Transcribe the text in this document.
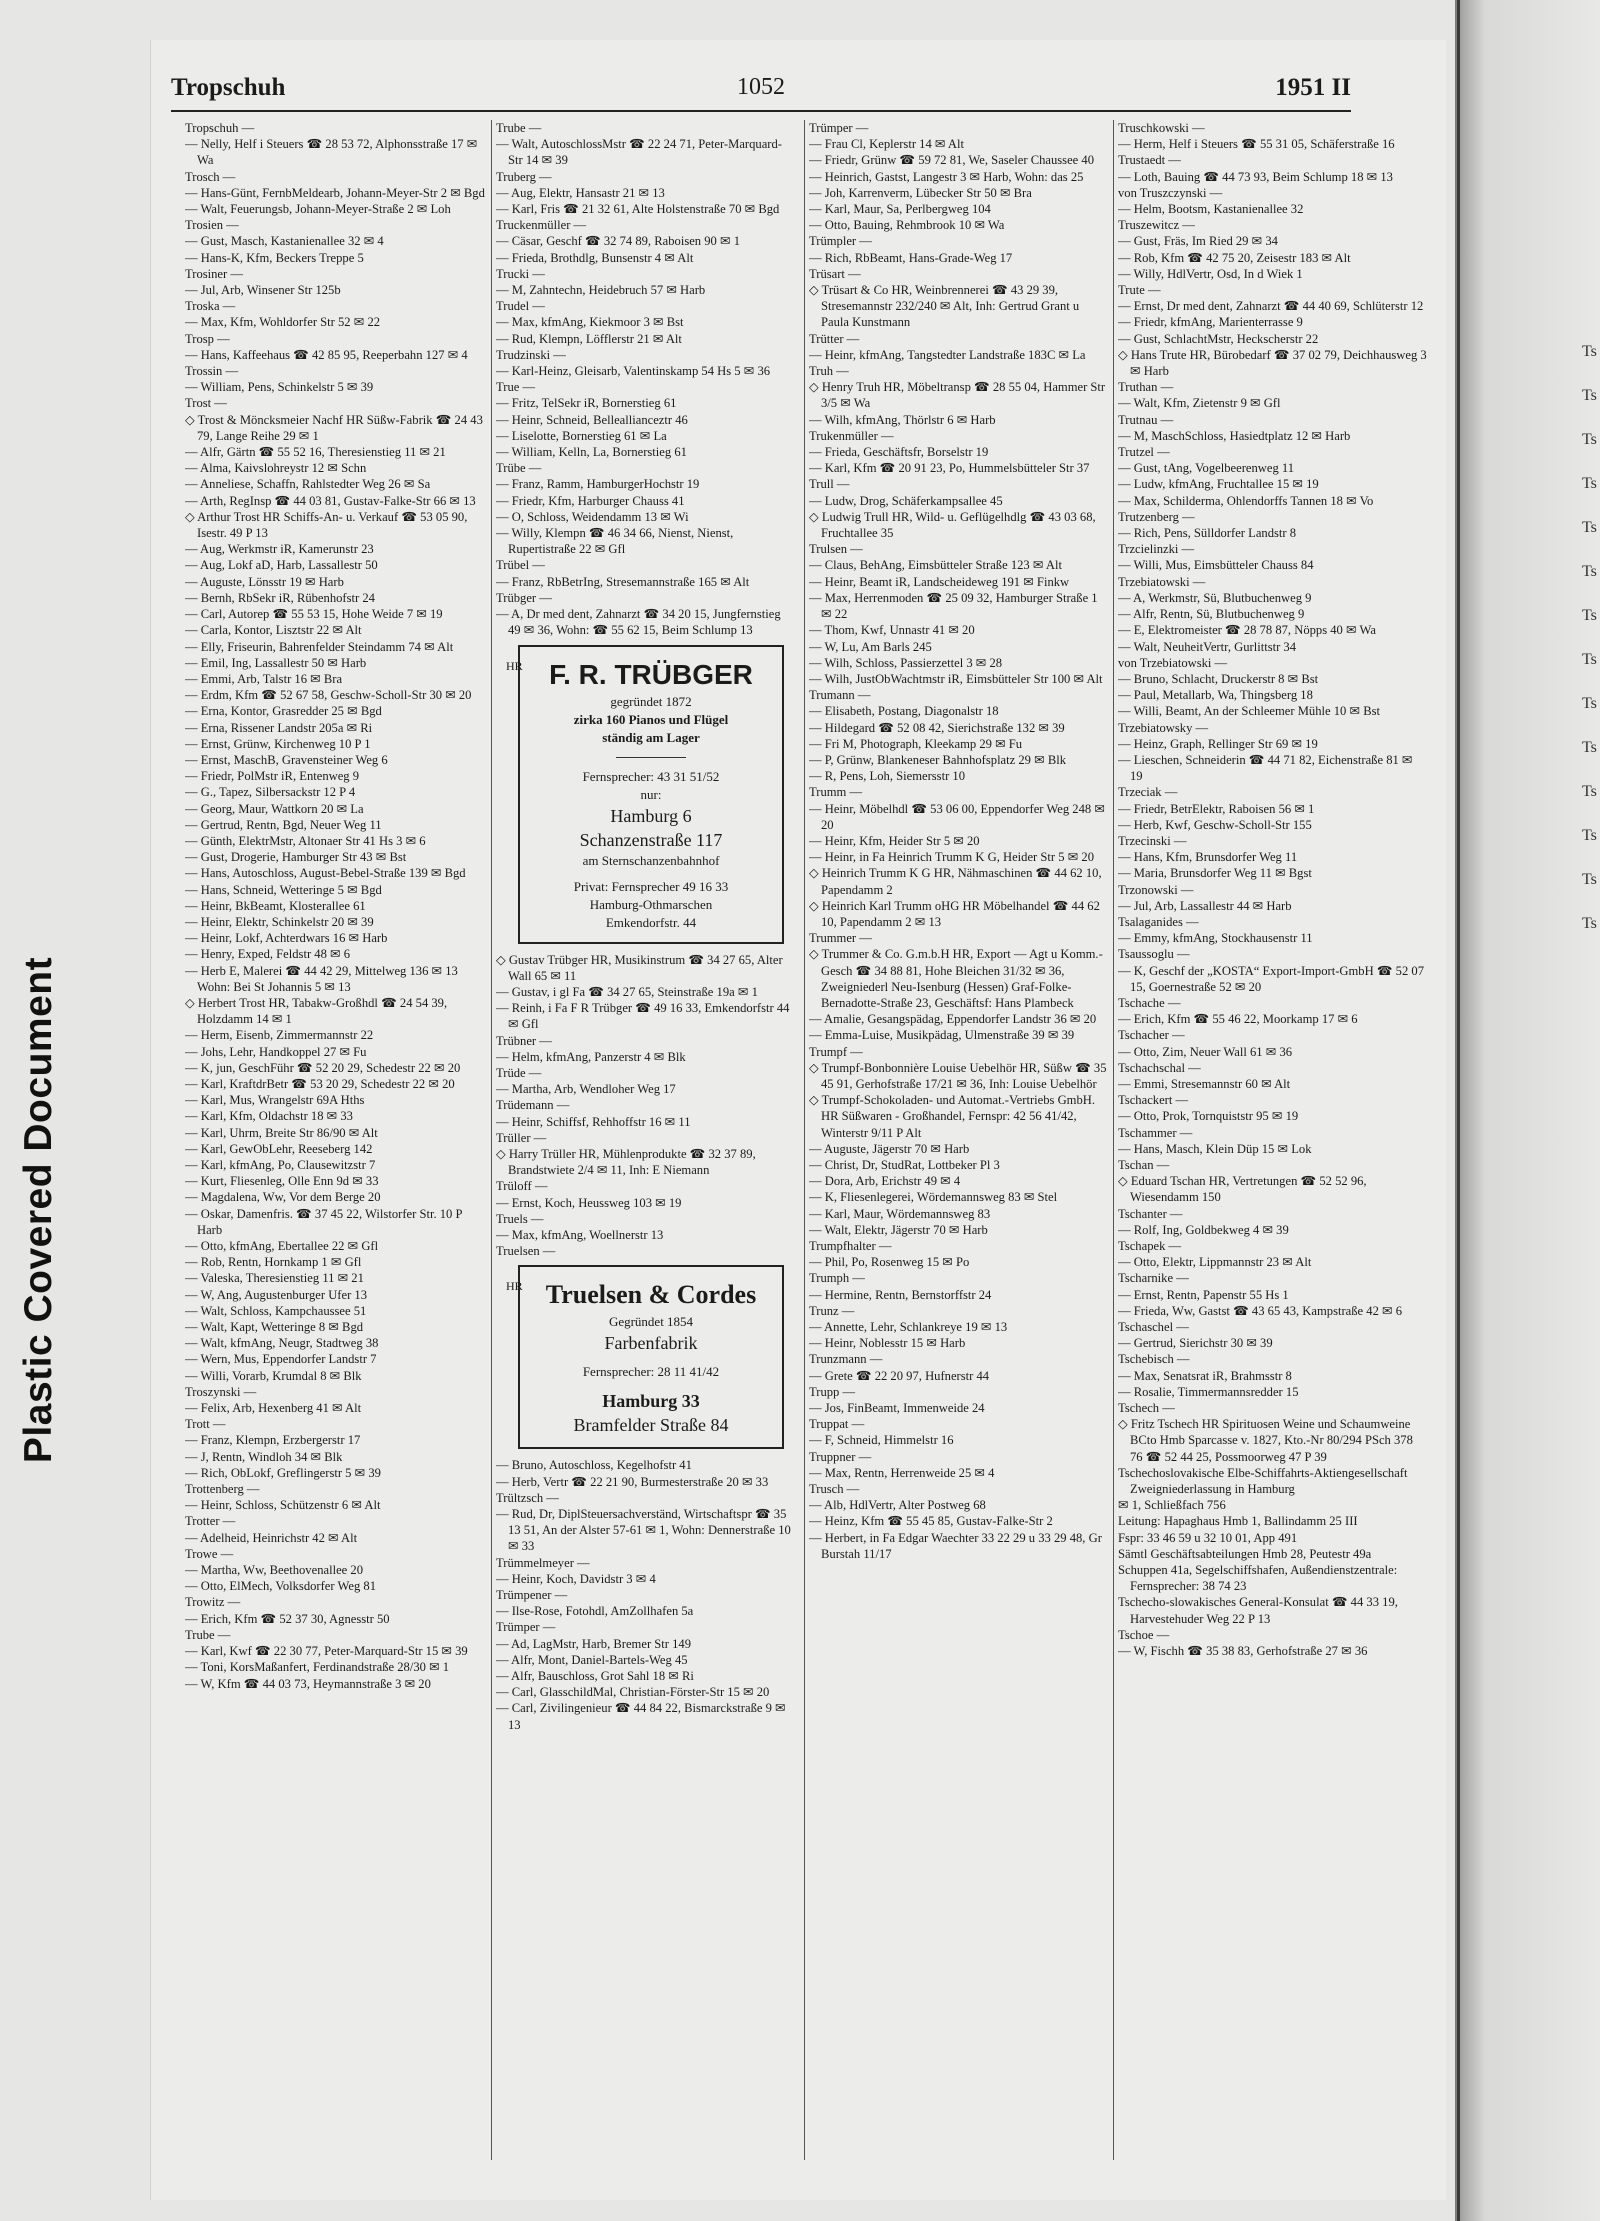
Tropschuh	1052	1951 II
Tropschuh —
— Nelly, Helf i Steuers ☎ 28 53 72, Alphonsstraße 17 ✉ Wa
Trosch —
— Hans-Günt, FernbMeldearb, Johann-Meyer-Str 2 ✉ Bgd
— Walt, Feuerungsb, Johann-Meyer-Straße 2 ✉ Loh
Trosien —
— Gust, Masch, Kastanienallee 32 ✉ 4
— Hans-K, Kfm, Beckers Treppe 5
Trosiner —
— Jul, Arb, Winsener Str 125b
Troska —
— Max, Kfm, Wohldorfer Str 52 ✉ 22
Trosp —
— Hans, Kaffeehaus ☎ 42 85 95, Reeperbahn 127 ✉ 4
Trossin —
— William, Pens, Schinkelstr 5 ✉ 39
Trost —
◇ Trost & Möncksmeier Nachf HR Süßw-Fabrik ☎ 24 43 79, Lange Reihe 29 ✉ 1
— Alfr, Gärtn ☎ 55 52 16, Theresienstieg 11 ✉ 21
— Alma, Kaivslohreystr 12 ✉ Schn
— Anneliese, Schaffn, Rahlstedter Weg 26 ✉ Sa
— Arth, RegInsp ☎ 44 03 81, Gustav-Falke-Str 66 ✉ 13
◇ Arthur Trost HR Schiffs-An- u. Verkauf ☎ 53 05 90, Isestr. 49 P 13
— Aug, Werkmstr iR, Kamerunstr 23
— Aug, Lokf aD, Harb, Lassallestr 50
— Auguste, Lönsstr 19 ✉ Harb
— Bernh, RbSekr iR, Rübenhofstr 24
— Carl, Autorep ☎ 55 53 15, Hohe Weide 7 ✉ 19
— Carla, Kontor, Lisztstr 22 ✉ Alt
— Elly, Friseurin, Bahrenfelder Steindamm 74 ✉ Alt
— Emil, Ing, Lassallestr 50 ✉ Harb
— Emmi, Arb, Talstr 16 ✉ Bra
— Erdm, Kfm ☎ 52 67 58, Geschw-Scholl-Str 30 ✉ 20
— Erna, Kontor, Grasredder 25 ✉ Bgd
— Erna, Rissener Landstr 205a ✉ Ri
— Ernst, Grünw, Kirchenweg 10 P 1
— Ernst, MaschB, Gravensteiner Weg 6
— Friedr, PolMstr iR, Entenweg 9
— G., Tapez, Silbersackstr 12 P 4
— Georg, Maur, Wattkorn 20 ✉ La
— Gertrud, Rentn, Bgd, Neuer Weg 11
— Günth, ElektrMstr, Altonaer Str 41 Hs 3 ✉ 6
— Gust, Drogerie, Hamburger Str 43 ✉ Bst
— Hans, Autoschloss, August-Bebel-Straße 139 ✉ Bgd
— Hans, Schneid, Wetteringe 5 ✉ Bgd
— Heinr, BkBeamt, Klosterallee 61
— Heinr, Elektr, Schinkelstr 20 ✉ 39
— Heinr, Lokf, Achterdwars 16 ✉ Harb
— Henry, Exped, Feldstr 48 ✉ 6
— Herb E, Malerei ☎ 44 42 29, Mittelweg 136 ✉ 13 Wohn: Bei St Johannis 5 ✉ 13
◇ Herbert Trost HR, Tabakw-Großhdl ☎ 24 54 39, Holzdamm 14 ✉ 1
— Herm, Eisenb, Zimmermannstr 22
— Johs, Lehr, Handkoppel 27 ✉ Fu
— K, jun, GeschFühr ☎ 52 20 29, Schedestr 22 ✉ 20
— Karl, KraftdrBetr ☎ 53 20 29, Schedestr 22 ✉ 20
— Karl, Mus, Wrangelstr 69A Hths
— Karl, Kfm, Oldachstr 18 ✉ 33
— Karl, Uhrm, Breite Str 86/90 ✉ Alt
— Karl, GewObLehr, Reeseberg 142
— Karl, kfmAng, Po, Clausewitzstr 7
— Kurt, Fliesenleg, Olle Enn 9d ✉ 33
— Magdalena, Ww, Vor dem Berge 20
— Oskar, Damenfris. ☎ 37 45 22, Wilstorfer Str. 10 P Harb
— Otto, kfmAng, Ebertallee 22 ✉ Gfl
— Rob, Rentn, Hornkamp 1 ✉ Gfl
— Valeska, Theresienstieg 11 ✉ 21
— W, Ang, Augustenburger Ufer 13
— Walt, Schloss, Kampchaussee 51
— Walt, Kapt, Wetteringe 8 ✉ Bgd
— Walt, kfmAng, Neugr, Stadtweg 38
— Wern, Mus, Eppendorfer Landstr 7
— Willi, Vorarb, Krumdal 8 ✉ Blk
Troszynski —
— Felix, Arb, Hexenberg 41 ✉ Alt
Trott —
— Franz, Klempn, Erzbergerstr 17
— J, Rentn, Windloh 34 ✉ Blk
— Rich, ObLokf, Greflingerstr 5 ✉ 39
Trottenberg —
— Heinr, Schloss, Schützenstr 6 ✉ Alt
Trotter —
— Adelheid, Heinrichstr 42 ✉ Alt
Trowe —
— Martha, Ww, Beethovenallee 20
— Otto, ElMech, Volksdorfer Weg 81
Trowitz —
— Erich, Kfm ☎ 52 37 30, Agnesstr 50
Trube —
— Karl, Kwf ☎ 22 30 77, Peter-Marquard-Str 15 ✉ 39
— Toni, KorsMaßanfert, Ferdinandstraße 28/30 ✉ 1
— W, Kfm ☎ 44 03 73, Heymannstraße 3 ✉ 20
Trube —
— Walt, AutoschlossMstr ☎ 22 24 71, Peter-Marquard-Str 14 ✉ 39
Truberg —
— Aug, Elektr, Hansastr 21 ✉ 13
— Karl, Fris ☎ 21 32 61, Alte Holstenstraße 70 ✉ Bgd
Truckenmüller —
— Cäsar, Geschf ☎ 32 74 89, Raboisen 90 ✉ 1
— Frieda, Brothdlg, Bunsenstr 4 ✉ Alt
Trucki —
— M, Zahntechn, Heidebruch 57 ✉ Harb
Trudel —
— Max, kfmAng, Kiekmoor 3 ✉ Bst
— Rud, Klempn, Löfflerstr 21 ✉ Alt
Trudzinski —
— Karl-Heinz, Gleisarb, Valentinskamp 54 Hs 5 ✉ 36
True —
— Fritz, TelSekr iR, Bornerstieg 61
— Heinr, Schneid, Belleallianceztr 46
— Liselotte, Bornerstieg 61 ✉ La
— William, Kelln, La, Bornerstieg 61
Trübe —
— Franz, Ramm, HamburgerHochstr 19
— Friedr, Kfm, Harburger Chauss 41
— O, Schloss, Weidendamm 13 ✉ Wi
— Willy, Klempn ☎ 46 34 66, Nienst, Nienst, Rupertistraße 22 ✉ Gfl
Trübel —
— Franz, RbBetrIng, Stresemannstraße 165 ✉ Alt
Trübger —
— A, Dr med dent, Zahnarzt ☎ 34 20 15, Jungfernstieg 49 ✉ 36, Wohn: ☎ 55 62 15, Beim Schlump 13
HR F. R. TRÜBGER
gegründet 1872
zirka 160 Pianos und Flügel
ständig am Lager
Fernsprecher: 43 31 51/52
nur:
Hamburg 6
Schanzenstraße 117
am Sternschanzenbahnhof
Privat: Fernsprecher 49 16 33
Hamburg-Othmarschen
Emkendorfstr. 44
◇ Gustav Trübger HR, Musikinstrum ☎ 34 27 65, Alter Wall 65 ✉ 11
— Gustav, i gl Fa ☎ 34 27 65, Steinstraße 19a ✉ 1
— Reinh, i Fa F R Trübger ☎ 49 16 33, Emkendorfstr 44 ✉ Gfl
Trübner —
— Helm, kfmAng, Panzerstr 4 ✉ Blk
Trüde —
— Martha, Arb, Wendloher Weg 17
Trüdemann —
— Heinr, Schiffsf, Rehhoffstr 16 ✉ 11
Trüller —
◇ Harry Trüller HR, Mühlenprodukte ☎ 32 37 89, Brandstwiete 2/4 ✉ 11, Inh: E Niemann
Trüloff —
— Ernst, Koch, Heussweg 103 ✉ 19
Truels —
— Max, kfmAng, Woellnerstr 13
Truelsen —
HR Truelsen & Cordes
Gegründet 1854
Farbenfabrik
Fernsprecher: 28 11 41/42
Hamburg 33
Bramfelder Straße 84
— Bruno, Autoschloss, Kegelhofstr 41
— Herb, Vertr ☎ 22 21 90, Burmesterstraße 20 ✉ 33
Trültzsch —
— Rud, Dr, DiplSteuersachverständ, Wirtschaftspr ☎ 35 13 51, An der Alster 57-61 ✉ 1, Wohn: Dennerstraße 10 ✉ 33
Trümmelmeyer —
— Heinr, Koch, Davidstr 3 ✉ 4
Trümpener —
— Ilse-Rose, Fotohdl, AmZollhafen 5a
Trümper —
— Ad, LagMstr, Harb, Bremer Str 149
— Alfr, Mont, Daniel-Bartels-Weg 45
— Alfr, Bauschloss, Grot Sahl 18 ✉ Ri
— Carl, GlasschildMal, Christian-Förster-Str 15 ✉ 20
— Carl, Zivilingenieur ☎ 44 84 22, Bismarckstraße 9 ✉ 13
Trümper —
— Frau Cl, Keplerstr 14 ✉ Alt
— Friedr, Grünw ☎ 59 72 81, We, Saseler Chaussee 40
— Heinrich, Gastst, Langestr 3 ✉ Harb, Wohn: das 25
— Joh, Karrenverm, Lübecker Str 50 ✉ Bra
— Karl, Maur, Sa, Perlbergweg 104
— Otto, Bauing, Rehmbrook 10 ✉ Wa
Trümpler —
— Rich, RbBeamt, Hans-Grade-Weg 17
Trüsart —
◇ Trüsart & Co HR, Weinbrennerei ☎ 43 29 39, Stresemannstr 232/240 ✉ Alt, Inh: Gertrud Grant u Paula Kunstmann
Trütter —
— Heinr, kfmAng, Tangstedter Landstraße 183C ✉ La
Truh —
◇ Henry Truh HR, Möbeltransp ☎ 28 55 04, Hammer Str 3/5 ✉ Wa
— Wilh, kfmAng, Thörlstr 6 ✉ Harb
Trukenmüller —
— Frieda, Geschäftsfr, Borselstr 19
— Karl, Kfm ☎ 20 91 23, Po, Hummelsbütteler Str 37
Trull —
— Ludw, Drog, Schäferkampsallee 45
◇ Ludwig Trull HR, Wild- u. Geflügelhdlg ☎ 43 03 68, Fruchtallee 35
Trulsen —
— Claus, BehAng, Eimsbütteler Straße 123 ✉ Alt
— Heinr, Beamt iR, Landscheideweg 191 ✉ Finkw
— Max, Herrenmoden ☎ 25 09 32, Hamburger Straße 1 ✉ 22
— Thom, Kwf, Unnastr 41 ✉ 20
— W, Lu, Am Barls 245
— Wilh, Schloss, Passierzettel 3 ✉ 28
— Wilh, JustObWachtmstr iR, Eimsbütteler Str 100 ✉ Alt
Trumann —
— Elisabeth, Postang, Diagonalstr 18
— Hildegard ☎ 52 08 42, Sierichstraße 132 ✉ 39
— Fri M, Photograph, Kleekamp 29 ✉ Fu
— P, Grünw, Blankeneser Bahnhofsplatz 29 ✉ Blk
— R, Pens, Loh, Siemersstr 10
Trumm —
— Heinr, Möbelhdl ☎ 53 06 00, Eppendorfer Weg 248 ✉ 20
— Heinr, Kfm, Heider Str 5 ✉ 20
— Heinr, in Fa Heinrich Trumm K G, Heider Str 5 ✉ 20
◇ Heinrich Trumm K G HR, Nähmaschinen ☎ 44 62 10, Papendamm 2
◇ Heinrich Karl Trumm oHG HR Möbelhandel ☎ 44 62 10, Papendamm 2 ✉ 13
Trummer —
◇ Trummer & Co. G.m.b.H HR, Export — Agt u Komm.-Gesch ☎ 34 88 81, Hohe Bleichen 31/32 ✉ 36, Zweigniederl Neu-Isenburg (Hessen) Graf-Folke-Bernadotte-Straße 23, Geschäftsf: Hans Plambeck
— Amalie, Gesangspädag, Eppendorfer Landstr 36 ✉ 20
— Emma-Luise, Musikpädag, Ulmenstraße 39 ✉ 39
Trumpf —
◇ Trumpf-Bonbonnière Louise Uebelhör HR, Süßw ☎ 35 45 91, Gerhofstraße 17/21 ✉ 36, Inh: Louise Uebelhör
◇ Trumpf-Schokoladen- und Automat.-Vertriebs GmbH. HR Süßwaren - Großhandel, Fernspr: 42 56 41/42, Winterstr 9/11 P Alt
— Auguste, Jägerstr 70 ✉ Harb
— Christ, Dr, StudRat, Lottbeker Pl 3
— Dora, Arb, Erichstr 49 ✉ 4
— K, Fliesenlegerei, Wördemannsweg 83 ✉ Stel
— Karl, Maur, Wördemannsweg 83
— Walt, Elektr, Jägerstr 70 ✉ Harb
Trumpfhalter —
— Phil, Po, Rosenweg 15 ✉ Po
Trumph —
— Hermine, Rentn, Bernstorffstr 24
Trunz —
— Annette, Lehr, Schlankreye 19 ✉ 13
— Heinr, Noblesstr 15 ✉ Harb
Trunzmann —
— Grete ☎ 22 20 97, Hufnerstr 44
Trupp —
— Jos, FinBeamt, Immenweide 24
Truppat —
— F, Schneid, Himmelstr 16
Truppner —
— Max, Rentn, Herrenweide 25 ✉ 4
Trusch —
— Alb, HdlVertr, Alter Postweg 68
— Heinz, Kfm ☎ 55 45 85, Gustav-Falke-Str 2
— Herbert, in Fa Edgar Waechter 33 22 29 u 33 29 48, Gr Burstah 11/17
Truschkowski —
— Herm, Helf i Steuers ☎ 55 31 05, Schäferstraße 16
Trustaedt —
— Loth, Bauing ☎ 44 73 93, Beim Schlump 18 ✉ 13
von Truszczynski —
— Helm, Bootsm, Kastanienallee 32
Truszewitcz —
— Gust, Fräs, Im Ried 29 ✉ 34
— Rob, Kfm ☎ 42 75 20, Zeisestr 183 ✉ Alt
— Willy, HdlVertr, Osd, In d Wiek 1
Trute —
— Ernst, Dr med dent, Zahnarzt ☎ 44 40 69, Schlüterstr 12
— Friedr, kfmAng, Marienterrasse 9
— Gust, SchlachtMstr, Heckscherstr 22
◇ Hans Trute HR, Bürobedarf ☎ 37 02 79, Deichhausweg 3 ✉ Harb
Truthan —
— Walt, Kfm, Zietenstr 9 ✉ Gfl
Trutnau —
— M, MaschSchloss, Hasiedtplatz 12 ✉ Harb
Trutzel —
— Gust, tAng, Vogelbeerenweg 11
— Ludw, kfmAng, Fruchtallee 15 ✉ 19
— Max, Schilderma, Ohlendorffs Tannen 18 ✉ Vo
Trutzenberg —
— Rich, Pens, Sülldorfer Landstr 8
Trzcielinzki —
— Willi, Mus, Eimsbütteler Chauss 84
Trzebiatowski —
— A, Werkmstr, Sü, Blutbuchenweg 9
— Alfr, Rentn, Sü, Blutbuchenweg 9
— E, Elektromeister ☎ 28 78 87, Nöpps 40 ✉ Wa
— Walt, NeuheitVertr, Gurlittstr 34
von Trzebiatowski —
— Bruno, Schlacht, Druckerstr 8 ✉ Bst
— Paul, Metallarb, Wa, Thingsberg 18
— Willi, Beamt, An der Schleemer Mühle 10 ✉ Bst
Trzebiatowsky —
— Heinz, Graph, Rellinger Str 69 ✉ 19
— Lieschen, Schneiderin ☎ 44 71 82, Eichenstraße 81 ✉ 19
Trzeciak —
— Friedr, BetrElektr, Raboisen 56 ✉ 1
— Herb, Kwf, Geschw-Scholl-Str 155
Trzecinski —
— Hans, Kfm, Brunsdorfer Weg 11
— Maria, Brunsdorfer Weg 11 ✉ Bgst
Trzonowski —
— Jul, Arb, Lassallestr 44 ✉ Harb
Tsalaganides —
— Emmy, kfmAng, Stockhausenstr 11
Tsaussoglu —
— K, Geschf der „KOSTA“ Export-Import-GmbH ☎ 52 07 15, Goernestraße 52 ✉ 20
Tschache —
— Erich, Kfm ☎ 55 46 22, Moorkamp 17 ✉ 6
Tschacher —
— Otto, Zim, Neuer Wall 61 ✉ 36
Tschachschal —
— Emmi, Stresemannstr 60 ✉ Alt
Tschackert —
— Otto, Prok, Tornquiststr 95 ✉ 19
Tschammer —
— Hans, Masch, Klein Düp 15 ✉ Lok
Tschan —
◇ Eduard Tschan HR, Vertretungen ☎ 52 52 96, Wiesendamm 150
Tschanter —
— Rolf, Ing, Goldbekweg 4 ✉ 39
Tschapek —
— Otto, Elektr, Lippmannstr 23 ✉ Alt
Tscharnike —
— Ernst, Rentn, Papenstr 55 Hs 1
— Frieda, Ww, Gastst ☎ 43 65 43, Kampstraße 42 ✉ 6
Tschaschel —
— Gertrud, Sierichstr 30 ✉ 39
Tschebisch —
— Max, Senatsrat iR, Brahmsstr 8
— Rosalie, Timmermannsredder 15
Tschech —
◇ Fritz Tschech HR Spirituosen Weine und Schaumweine BCto Hmb Sparcasse v. 1827, Kto.-Nr 80/294 PSch 378 76 ☎ 52 44 25, Possmoorweg 47 P 39
Tschechoslovakische Elbe-Schiffahrts-Aktiengesellschaft Zweigniederlassung in Hamburg
✉ 1, Schließfach 756
Leitung: Hapaghaus Hmb 1, Ballindamm 25 III
Fspr: 33 46 59 u 32 10 01, App 491
Sämtl Geschäftsabteilungen Hmb 28, Peutestr 49a
Schuppen 41a, Segelschiffshafen, Außendienstzentrale: Fernsprecher: 38 74 23
Tschecho-slowakisches General-Konsulat ☎ 44 33 19, Harvestehuder Weg 22 P 13
Tschoe —
— W, Fischh ☎ 35 38 83, Gerhofstraße 27 ✉ 36
Ts
Ts
Ts
Ts
Ts
Ts
Ts
Ts
Ts
Ts
Ts
Ts
Ts
Ts
Plastic Covered Document
